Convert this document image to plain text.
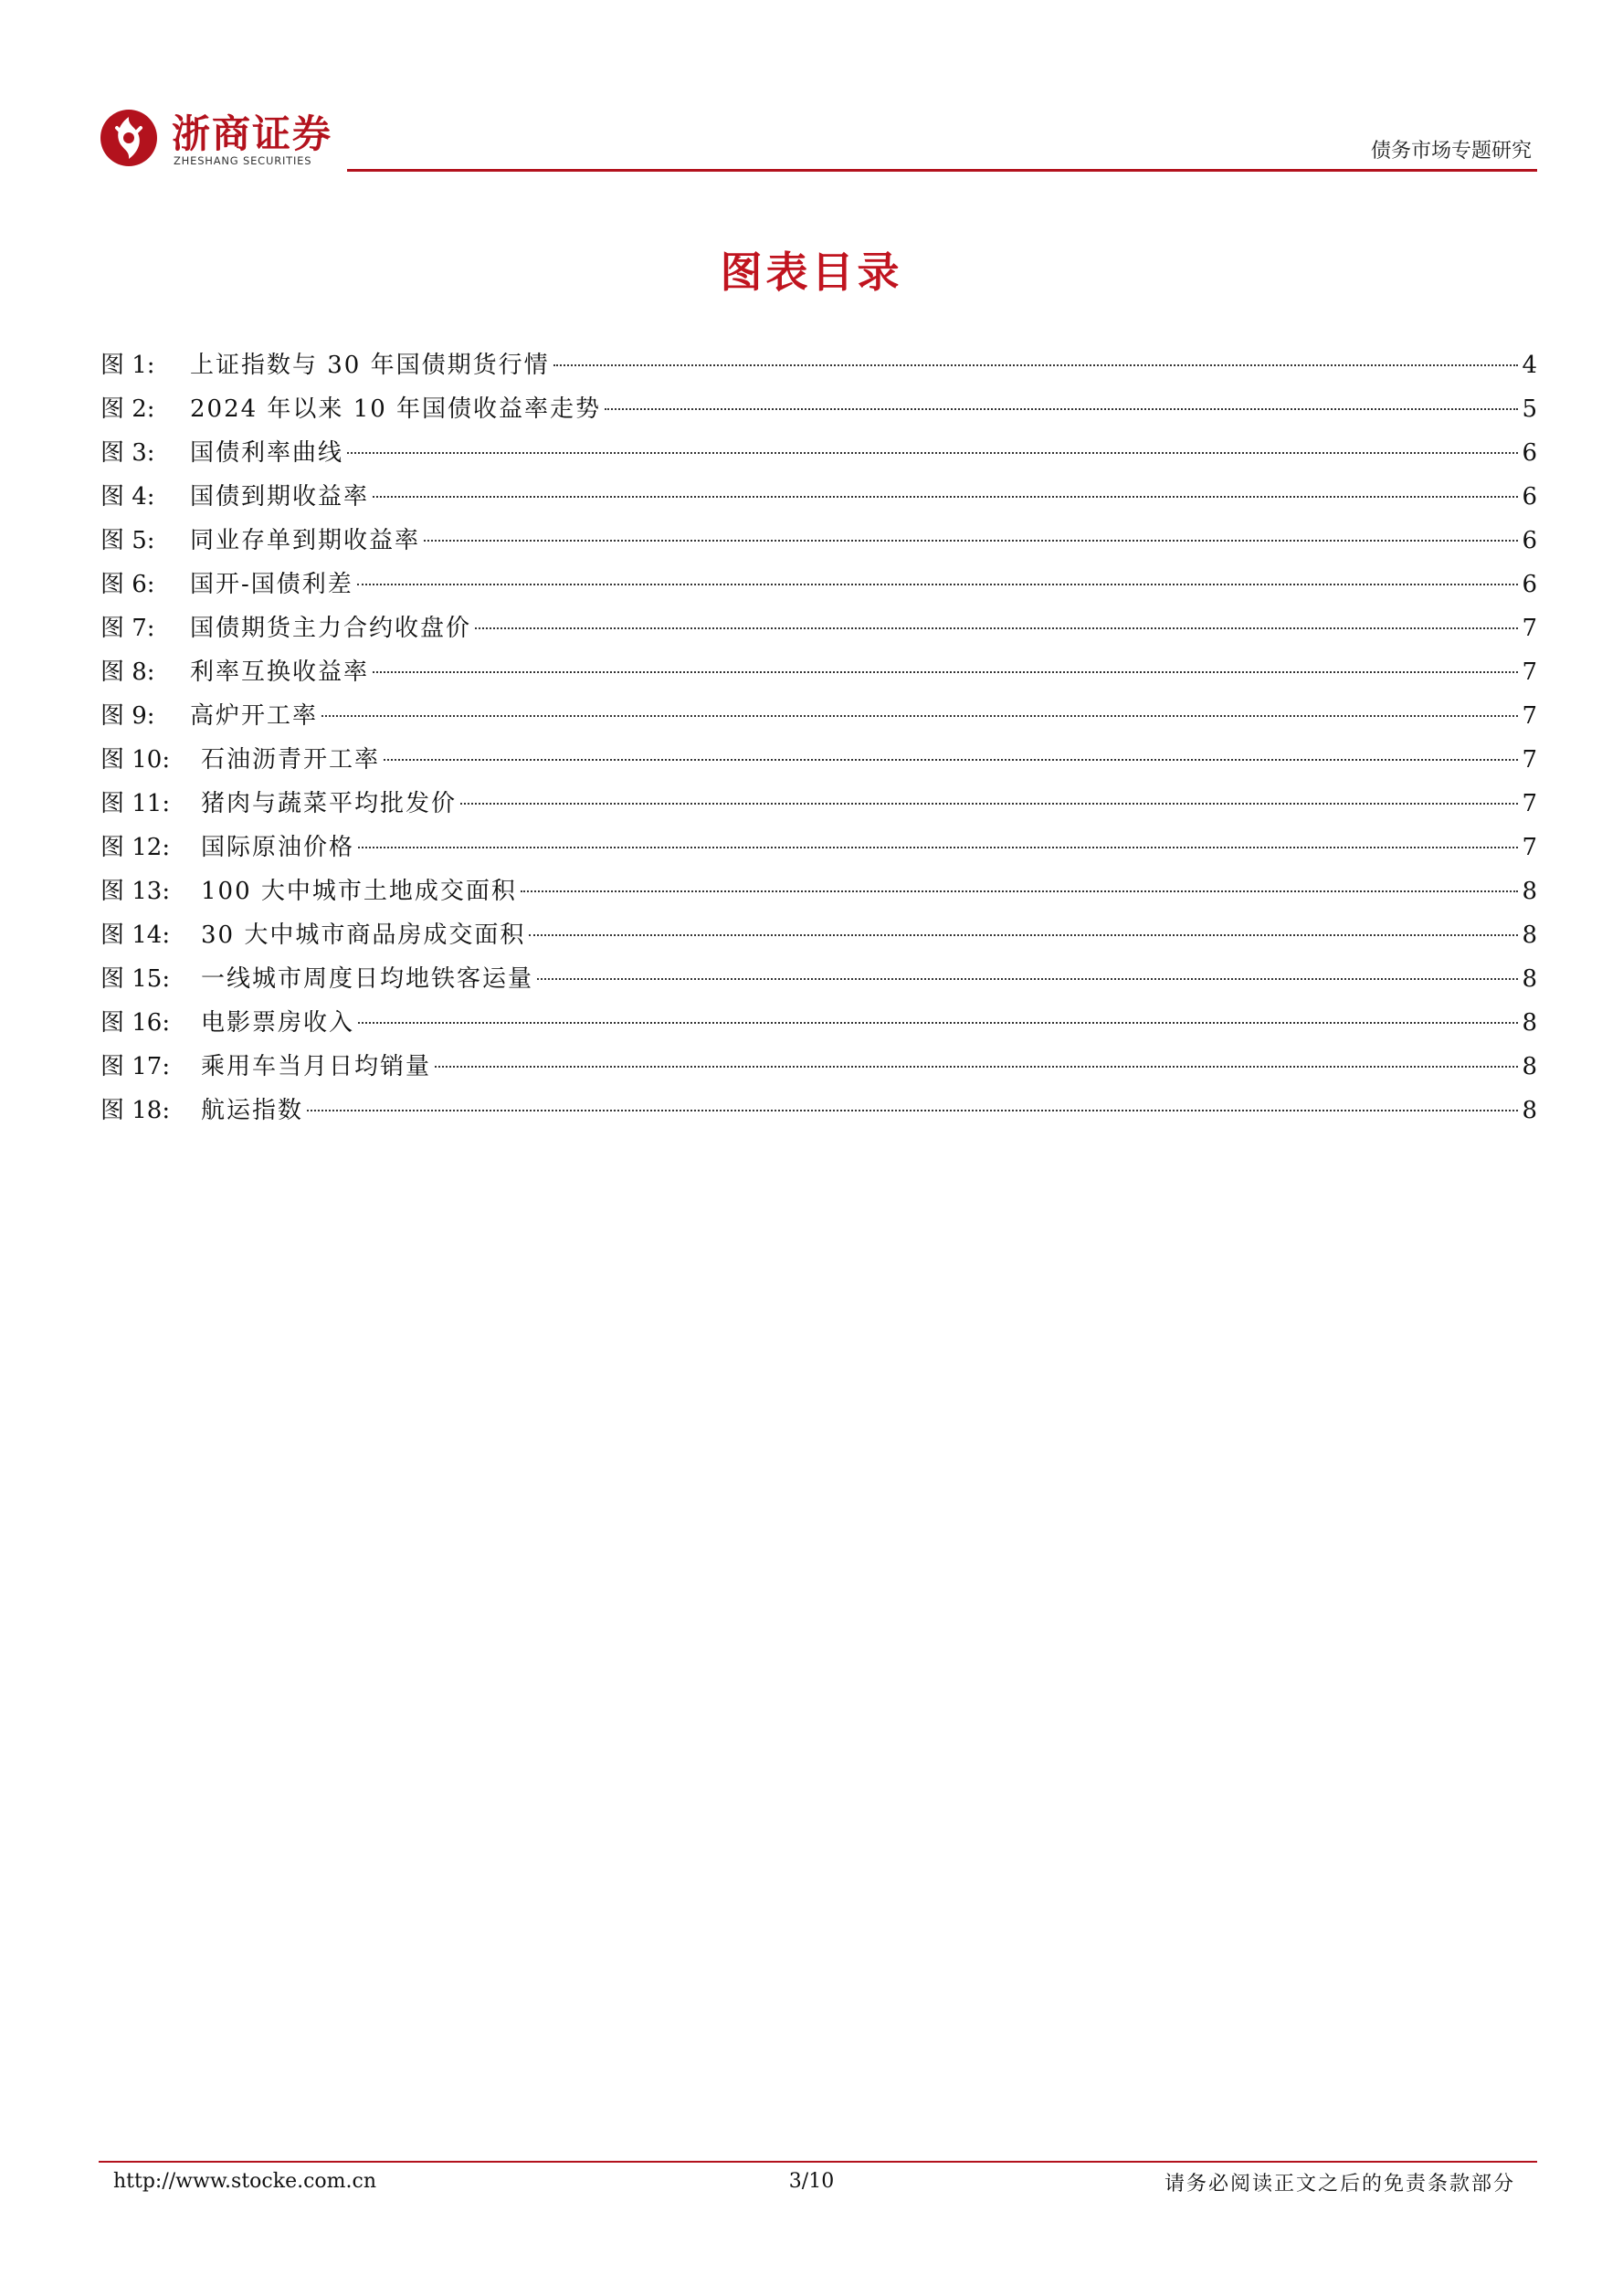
浙商证券
ZHESHANG SECURITIES	债务市场专题研究
图表目录
图 1:	上证指数与 30 年国债期货行情	4
图 2:	2024 年以来 10 年国债收益率走势	5
图 3:	国债利率曲线	6
图 4:	国债到期收益率	6
图 5:	同业存单到期收益率	6
图 6:	国开-国债利差	6
图 7:	国债期货主力合约收盘价	7
图 8:	利率互换收益率	7
图 9:	高炉开工率	7
图 10:	石油沥青开工率	7
图 11:	猪肉与蔬菜平均批发价	7
图 12:	国际原油价格	7
图 13:	100 大中城市土地成交面积	8
图 14:	30 大中城市商品房成交面积	8
图 15:	一线城市周度日均地铁客运量	8
图 16:	电影票房收入	8
图 17:	乘用车当月日均销量	8
图 18:	航运指数	8
http://www.stocke.com.cn	3/10	请务必阅读正文之后的免责条款部分
